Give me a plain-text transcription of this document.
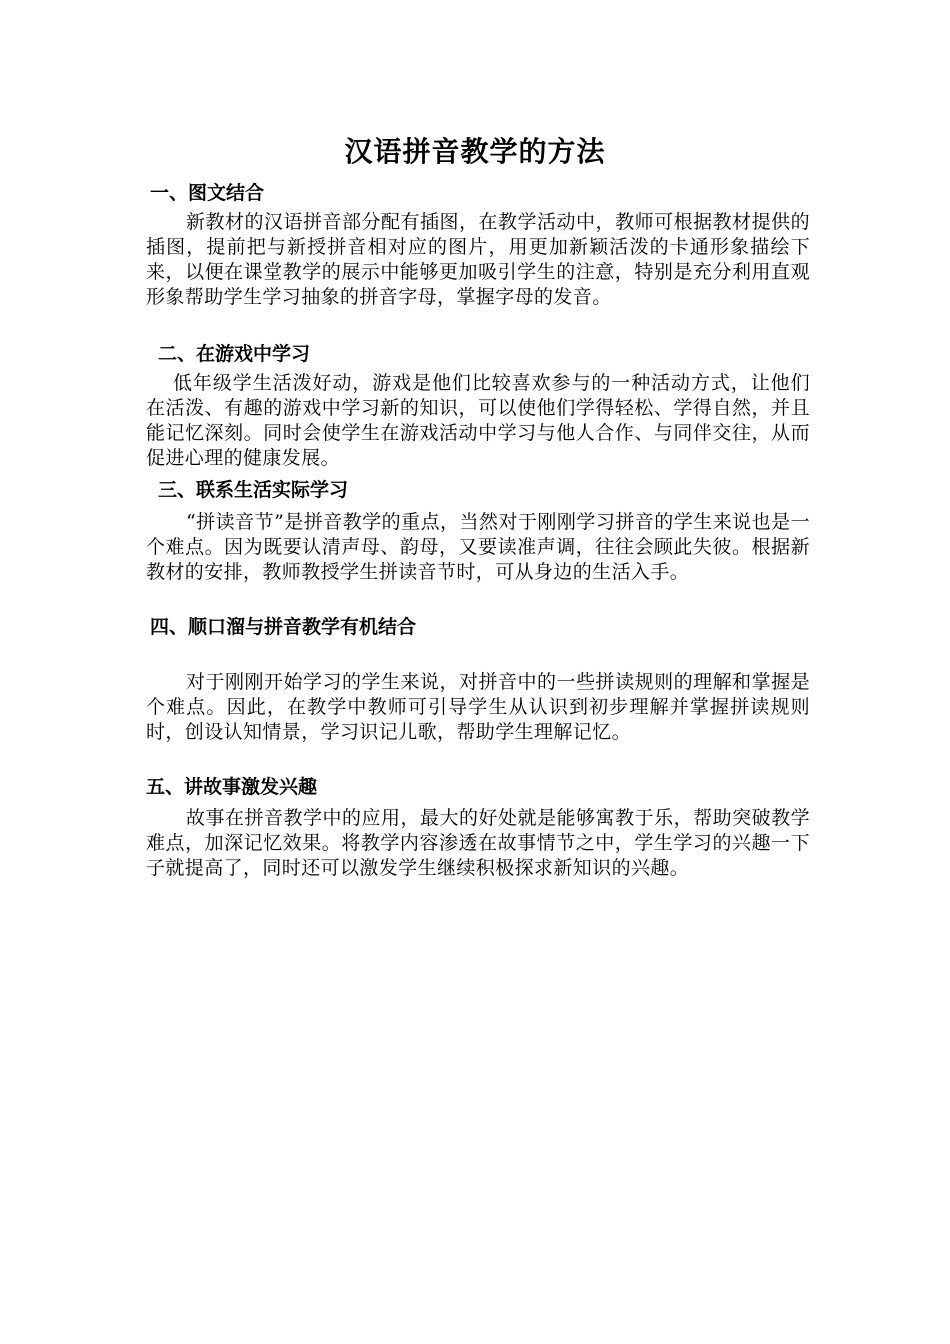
汉语拼音教学的方法
一、图文结合

新教材的汉语拼音部分配有插图，在教学活动中，教师可根据教材提供的插图，提前把与新授拼音相对应的图片，用更加新颖活泼的卡通形象描绘下来，以便在课堂教学的展示中能够更加吸引学生的注意，特别是充分利用直观形象帮助学生学习抽象的拼音字母，掌握字母的发音。

二、在游戏中学习

低年级学生活泼好动，游戏是他们比较喜欢参与的一种活动方式，让他们在活泼、有趣的游戏中学习新的知识，可以使他们学得轻松、学得自然，并且能记忆深刻。同时会使学生在游戏活动中学习与他人合作、与同伴交往，从而促进心理的健康发展。

三、联系生活实际学习

“拼读音节”是拼音教学的重点，当然对于刚刚学习拼音的学生来说也是一个难点。因为既要认清声母、韵母，又要读准声调，往往会顾此失彼。根据新教材的安排，教师教授学生拼读音节时，可从身边的生活入手。

四、顺口溜与拼音教学有机结合

对于刚刚开始学习的学生来说，对拼音中的一些拼读规则的理解和掌握是个难点。因此，在教学中教师可引导学生从认识到初步理解并掌握拼读规则时，创设认知情景，学习识记儿歌，帮助学生理解记忆。

五、讲故事激发兴趣

故事在拼音教学中的应用，最大的好处就是能够寓教于乐，帮助突破教学难点，加深记忆效果。将教学内容渗透在故事情节之中，学生学习的兴趣一下子就提高了，同时还可以激发学生继续积极探求新知识的兴趣。
